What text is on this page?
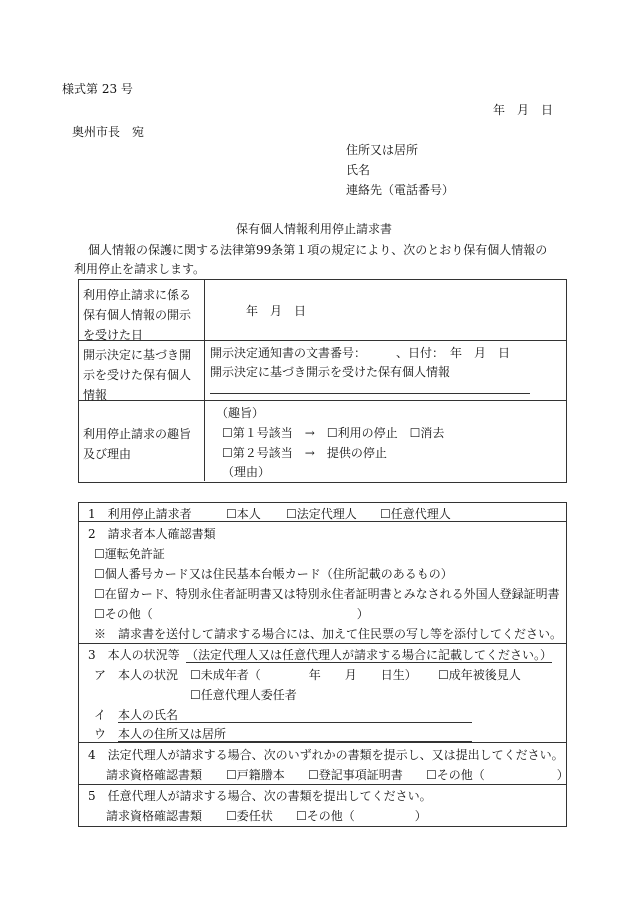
様式第 23 号
年　月　日
奥州市長　宛
住所又は居所
氏名
連絡先（電話番号）
保有個人情報利用停止請求書
個人情報の保護に関する法律第99条第１項の規定により、次のとおり保有個人情報の
利用停止を請求します。
利用停止請求に係る
保有個人情報の開示
を受けた日
年　月　日
開示決定に基づき開
示を受けた保有個人
情報
開示決定通知書の文書番号：　　　、日付：　年　月　日
開示決定に基づき開示を受けた保有個人情報
利用停止請求の趣旨
及び理由
（趣旨）
☐第１号該当　→　☐利用の停止　☐消去
☐第２号該当　→　提供の停止
（理由）
1　利用停止請求者	☐本人 ☐法定代理人 ☐任意代理人
2　請求者本人確認書類
☐運転免許証
☐個人番号カード又は住民基本台帳カード（住所記載のあるもの）
☐在留カード、特別永住者証明書又は特別永住者証明書とみなされる外国人登録証明書
☐その他（　　　　　　　　　　　　　　　　　）
※　請求書を送付して請求する場合には、加えて住民票の写し等を添付してください。
3　本人の状況等 （法定代理人又は任意代理人が請求する場合に記載してください。）
ア　本人の状況 ☐未成年者（　　　　年　　月　　日生） ☐成年被後見人
☐任意代理人委任者
イ 本人の氏名
ウ 本人の住所又は居所
4　法定代理人が請求する場合、次のいずれかの書類を提示し、又は提出してください。
請求資格確認書類 ☐戸籍謄本 ☐登記事項証明書 ☐その他（　　　　　　）
5　任意代理人が請求する場合、次の書類を提出してください。
請求資格確認書類 ☐委任状 ☐その他（　　　　　）
